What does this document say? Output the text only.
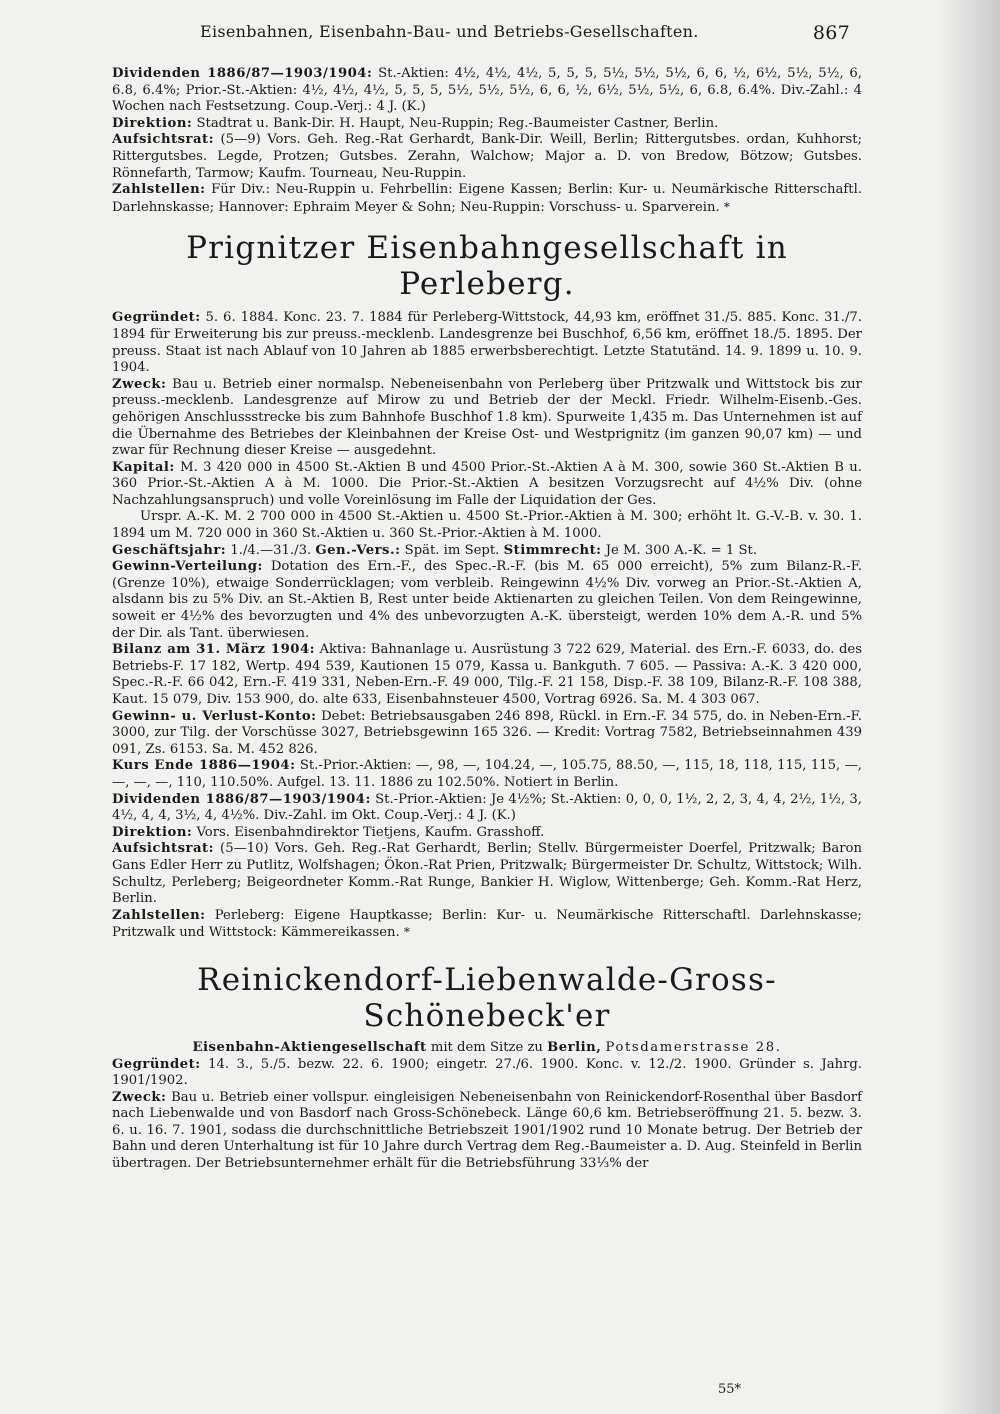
Eisenbahnen, Eisenbahn-Bau- und Betriebs-Gesellschaften.	867

Dividenden 1886/87—1903/1904: St.-Aktien: 4½, 4½, 4½, 5, 5, 5, 5½, 5½, 5½, 6, 6, ½, 6½, 5½, 5½, 6, 6.8, 6.4%; Prior.-St.-Aktien: 4½, 4½, 4½, 5, 5, 5, 5½, 5½, 5½, 6, 6, ½, 6½, 5½, 5½, 6, 6.8, 6.4%. Div.-Zahl.: 4 Wochen nach Festsetzung. Coup.-Verj.: 4 J. (K.)

Direktion: Stadtrat u. Bank-Dir. H. Haupt, Neu-Ruppin; Reg.-Baumeister Castner, Berlin.

Aufsichtsrat: (5—9) Vors. Geh. Reg.-Rat Gerhardt, Bank-Dir. Weill, Berlin; Rittergutsbes. ordan, Kuhhorst; Rittergutsbes. Legde, Protzen; Gutsbes. Zerahn, Walchow; Major a. D. von Bredow, Bötzow; Gutsbes. Rönnefarth, Tarmow; Kaufm. Tourneau, Neu-Ruppin.

Zahlstellen: Für Div.: Neu-Ruppin u. Fehrbellin: Eigene Kassen; Berlin: Kur- u. Neumärkische Ritterschaftl. Darlehnskasse; Hannover: Ephraim Meyer & Sohn; Neu-Ruppin: Vorschuss- u. Sparverein. *

Prignitzer Eisenbahngesellschaft in Perleberg.

Gegründet: 5. 6. 1884. Konc. 23. 7. 1884 für Perleberg-Wittstock, 44,93 km, eröffnet 31./5. 885. Konc. 31./7. 1894 für Erweiterung bis zur preuss.-mecklenb. Landesgrenze bei Buschhof, 6,56 km, eröffnet 18./5. 1895. Der preuss. Staat ist nach Ablauf von 10 Jahren ab 1885 erwerbsberechtigt. Letzte Statutänd. 14. 9. 1899 u. 10. 9. 1904.

Zweck: Bau u. Betrieb einer normalsp. Nebeneisenbahn von Perleberg über Pritzwalk und Wittstock bis zur preuss.-mecklenb. Landesgrenze auf Mirow zu und Betrieb der der Meckl. Friedr. Wilhelm-Eisenb.-Ges. gehörigen Anschlussstrecke bis zum Bahnhofe Buschhof 1.8 km). Spurweite 1,435 m. Das Unternehmen ist auf die Übernahme des Betriebes der Kleinbahnen der Kreise Ost- und Westprignitz (im ganzen 90,07 km) — und zwar für Rechnung dieser Kreise — ausgedehnt.

Kapital: M. 3 420 000 in 4500 St.-Aktien B und 4500 Prior.-St.-Aktien A à M. 300, sowie 360 St.-Aktien B u. 360 Prior.-St.-Aktien A à M. 1000. Die Prior.-St.-Aktien A besitzen Vorzugsrecht auf 4½% Div. (ohne Nachzahlungsanspruch) und volle Voreinlösung im Falle der Liquidation der Ges.

Urspr. A.-K. M. 2 700 000 in 4500 St.-Aktien u. 4500 St.-Prior.-Aktien à M. 300; erhöht lt. G.-V.-B. v. 30. 1. 1894 um M. 720 000 in 360 St.-Aktien u. 360 St.-Prior.-Aktien à M. 1000.

Geschäftsjahr: 1./4.—31./3. Gen.-Vers.: Spät. im Sept. Stimmrecht: Je M. 300 A.-K. = 1 St.

Gewinn-Verteilung: Dotation des Ern.-F., des Spec.-R.-F. (bis M. 65 000 erreicht), 5% zum Bilanz-R.-F. (Grenze 10%), etwaige Sonderrücklagen; vom verbleib. Reingewinn 4½% Div. vorweg an Prior.-St.-Aktien A, alsdann bis zu 5% Div. an St.-Aktien B, Rest unter beide Aktienarten zu gleichen Teilen. Von dem Reingewinne, soweit er 4½% des bevorzugten und 4% des unbevorzugten A.-K. übersteigt, werden 10% dem A.-R. und 5% der Dir. als Tant. überwiesen.

Bilanz am 31. März 1904: Aktiva: Bahnanlage u. Ausrüstung 3 722 629, Material. des Ern.-F. 6033, do. des Betriebs-F. 17 182, Wertp. 494 539, Kautionen 15 079, Kassa u. Bankguth. 7 605. — Passiva: A.-K. 3 420 000, Spec.-R.-F. 66 042, Ern.-F. 419 331, Neben-Ern.-F. 49 000, Tilg.-F. 21 158, Disp.-F. 38 109, Bilanz-R.-F. 108 388, Kaut. 15 079, Div. 153 900, do. alte 633, Eisenbahnsteuer 4500, Vortrag 6926. Sa. M. 4 303 067.

Gewinn- u. Verlust-Konto: Debet: Betriebsausgaben 246 898, Rückl. in Ern.-F. 34 575, do. in Neben-Ern.-F. 3000, zur Tilg. der Vorschüsse 3027, Betriebsgewinn 165 326. — Kredit: Vortrag 7582, Betriebseinnahmen 439 091, Zs. 6153. Sa. M. 452 826.

Kurs Ende 1886—1904: St.-Prior.-Aktien: —, 98, —, 104.24, —, 105.75, 88.50, —, 115, 18, 118, 115, 115, —, —, —, —, 110, 110.50%. Aufgel. 13. 11. 1886 zu 102.50%. Notiert in Berlin.

Dividenden 1886/87—1903/1904: St.-Prior.-Aktien: Je 4½%; St.-Aktien: 0, 0, 0, 1½, 2, 2, 3, 4, 4, 2½, 1½, 3, 4½, 4, 4, 3½, 4, 4½%. Div.-Zahl. im Okt. Coup.-Verj.: 4 J. (K.)

Direktion: Vors. Eisenbahndirektor Tietjens, Kaufm. Grasshoff.

Aufsichtsrat: (5—10) Vors. Geh. Reg.-Rat Gerhardt, Berlin; Stellv. Bürgermeister Doerfel, Pritzwalk; Baron Gans Edler Herr zu Putlitz, Wolfshagen; Ökon.-Rat Prien, Pritzwalk; Bürgermeister Dr. Schultz, Wittstock; Wilh. Schultz, Perleberg; Beigeordneter Komm.-Rat Runge, Bankier H. Wiglow, Wittenberge; Geh. Komm.-Rat Herz, Berlin.

Zahlstellen: Perleberg: Eigene Hauptkasse; Berlin: Kur- u. Neumärkische Ritterschaftl. Darlehnskasse; Pritzwalk und Wittstock: Kämmereikassen. *

Reinickendorf-Liebenwalde-Gross-Schönebeck'er

Eisenbahn-Aktiengesellschaft mit dem Sitze zu Berlin, Potsdamerstrasse 28.

Gegründet: 14. 3., 5./5. bezw. 22. 6. 1900; eingetr. 27./6. 1900. Konc. v. 12./2. 1900. Gründer s. Jahrg. 1901/1902.

Zweck: Bau u. Betrieb einer vollspur. eingleisigen Nebeneisenbahn von Reinickendorf-Rosenthal über Basdorf nach Liebenwalde und von Basdorf nach Gross-Schönebeck. Länge 60,6 km. Betriebseröffnung 21. 5. bezw. 3. 6. u. 16. 7. 1901, sodass die durchschnittliche Betriebszeit 1901/1902 rund 10 Monate betrug. Der Betrieb der Bahn und deren Unterhaltung ist für 10 Jahre durch Vertrag dem Reg.-Baumeister a. D. Aug. Steinfeld in Berlin übertragen. Der Betriebsunternehmer erhält für die Betriebsführung 33⅓% der

55*
